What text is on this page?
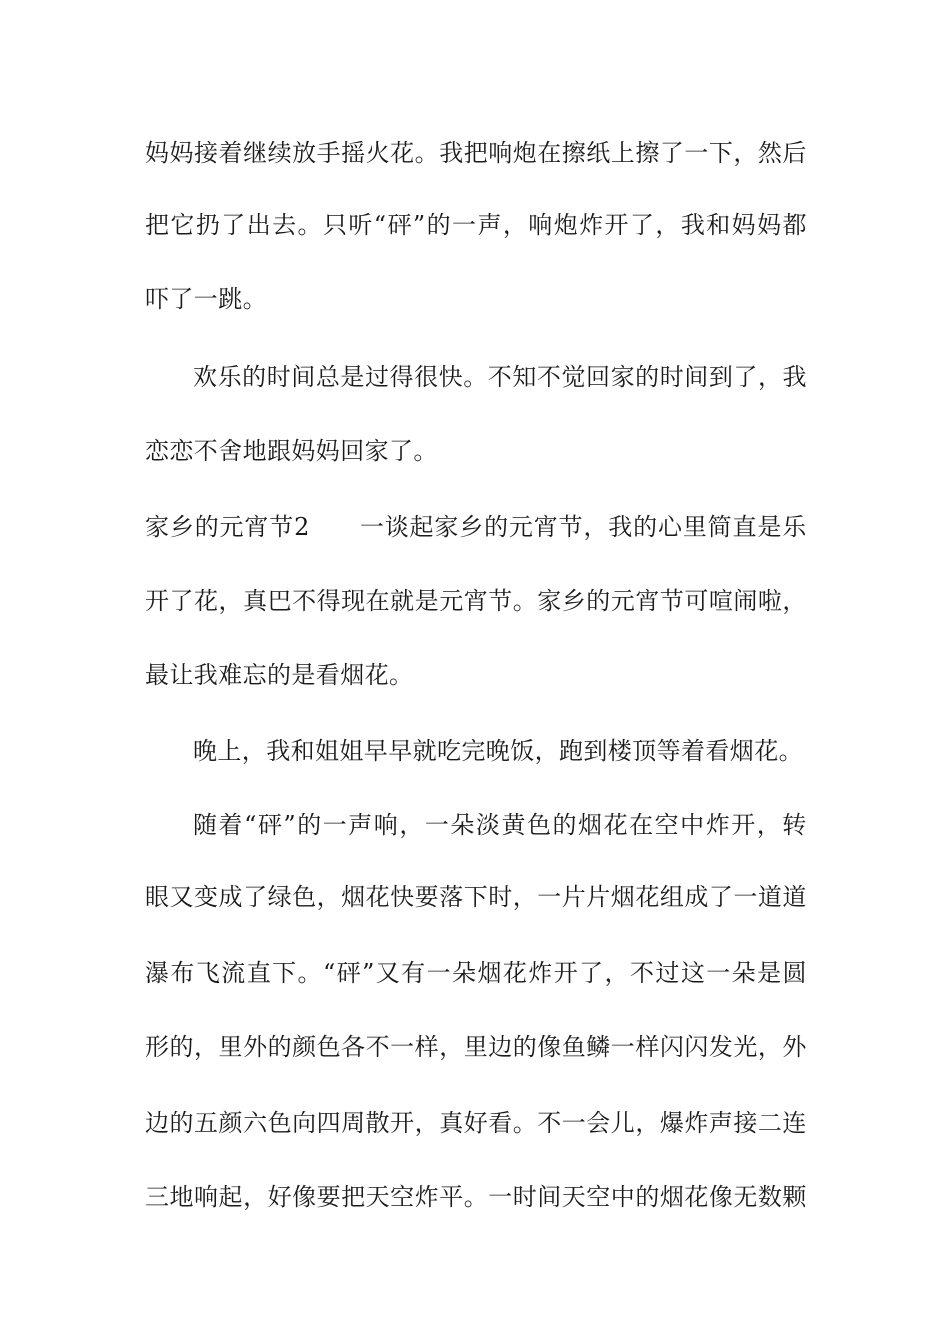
妈 妈 接 着 继 续 放 手 摇 火 花 。 我 把 响 炮 在 擦 纸 上 擦 了 一 下 ， 然 后
把 它 扔 了 出 去 。 只 听 “ 砰 ” 的 一 声 ， 响 炮 炸 开 了 ， 我 和 妈 妈 都
吓了一跳。
欢 乐 的 时 间 总 是 过 得 很 快 。 不 知 不 觉 回 家 的 时 间 到 了 ， 我
恋恋不舍地跟妈妈回家了。
家 乡 的 元 宵 节 2

　 一 谈 起 家 乡 的 元 宵 节 ， 我 的 心 里 简 直 是 乐
开 了 花 ， 真 巴 不 得 现 在 就 是 元 宵 节 。 家 乡 的 元 宵 节 可 喧 闹 啦 ，
最让我难忘的是看烟花。
晚上，我和姐姐早早就吃完晚饭，跑到楼顶等着看烟花。
随 着 “ 砰 ” 的 一 声 响 ， 一 朵 淡 黄 色 的 烟 花 在 空 中 炸 开 ， 转
眼 又 变 成 了 绿 色 ， 烟 花 快 要 落 下 时 ， 一 片 片 烟 花 组 成 了 一 道 道
瀑 布 飞 流 直 下 。 “ 砰 ” 又 有 一 朵 烟 花 炸 开 了 ， 不 过 这 一 朵 是 圆
形 的 ， 里 外 的 颜 色 各 不 一 样 ， 里 边 的 像 鱼 鳞 一 样 闪 闪 发 光 ， 外
边 的 五 颜 六 色 向 四 周 散 开 ， 真 好 看 。 不 一 会 儿 ， 爆 炸 声 接 二 连
三 地 响 起 ， 好 像 要 把 天 空 炸 平 。 一 时 间 天 空 中 的 烟 花 像 无 数 颗
